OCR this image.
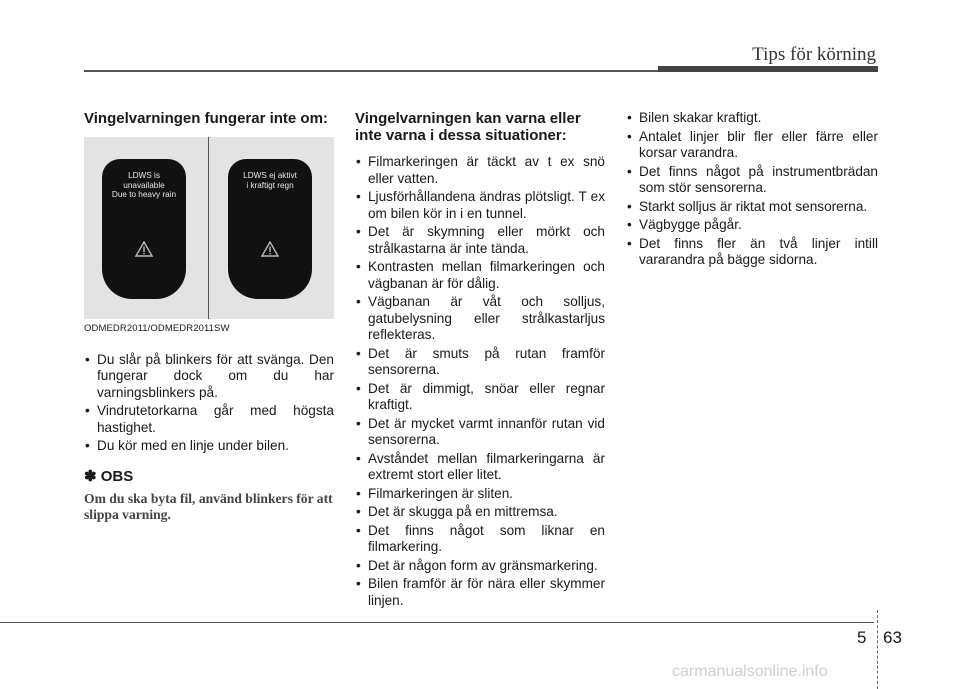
Tips för körning
Vingelvarningen fungerar inte om:
LDWS is
unavailable
Due to heavy rain
LDWS ej aktivt
i kraftigt regn
ODMEDR2011/ODMEDR2011SW
• Du slår på blinkers för att svänga. Den fungerar dock om du har varningsblinkers på.
• Vindrutetorkarna går med högsta hastighet.
• Du kör med en linje under bilen.
✽ OBS

Om du ska byta fil, använd blinkers för att slippa varning.

Vingelvarningen kan varna eller inte varna i dessa situationer:
• Filmarkeringen är täckt av t ex snö eller vatten.
• Ljusförhållandena ändras plötsligt. T ex om bilen kör in i en tunnel.
• Det är skymning eller mörkt och strålkastarna är inte tända.
• Kontrasten mellan filmarkeringen och vägbanan är för dålig.
• Vägbanan är våt och solljus, gatubelysning eller strålkastarljus reflekteras.
• Det är smuts på rutan framför sensorerna.
• Det är dimmigt, snöar eller regnar kraftigt.
• Det är mycket varmt innanför rutan vid sensorerna.
• Avståndet mellan filmarkeringarna är extremt stort eller litet.
• Filmarkeringen är sliten.
• Det är skugga på en mittremsa.
• Det finns något som liknar en filmarkering.
• Det är någon form av gränsmarkering.
• Bilen framför är för nära eller skymmer linjen.
• Bilen skakar kraftigt.
• Antalet linjer blir fler eller färre eller korsar varandra.
• Det finns något på instrumentbrädan som stör sensorerna.
• Starkt solljus är riktat mot sensorerna.
• Vägbygge pågår.
• Det finns fler än två linjer intill vararandra på bägge sidorna.
5 63
carmanualsonline.info
